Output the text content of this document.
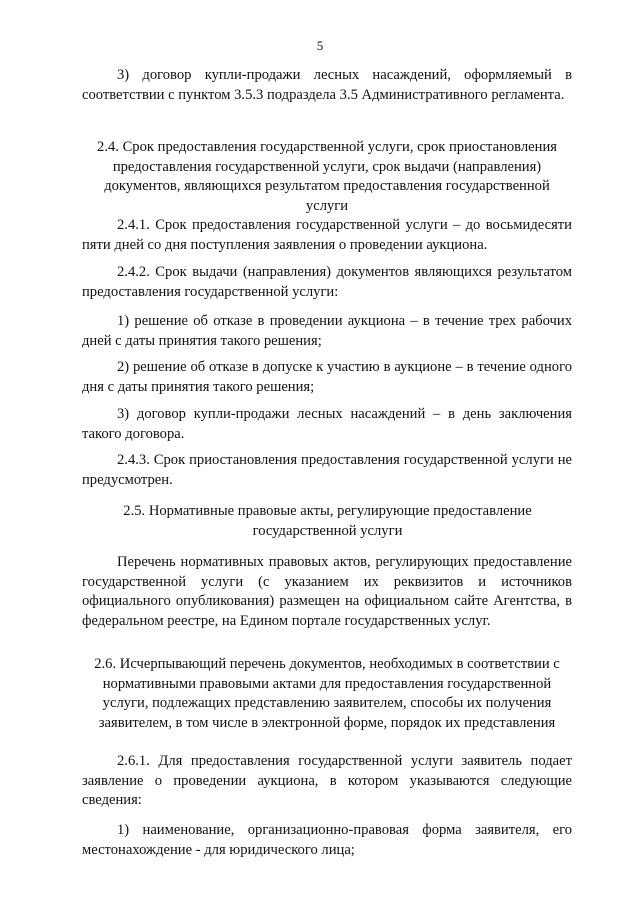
5

3) договор купли-продажи лесных насаждений, оформляемый в соответствии с пунктом 3.5.3 подраздела 3.5 Административного регламента.

2.4. Срок предоставления государственной услуги, срок приостановления предоставления государственной услуги, срок выдачи (направления) документов, являющихся результатом предоставления государственной услуги

2.4.1. Срок предоставления государственной услуги – до восьмидесяти пяти дней со дня поступления заявления о проведении аукциона.

2.4.2. Срок выдачи (направления) документов являющихся результатом предоставления государственной услуги:

1) решение об отказе в проведении аукциона – в течение трех рабочих дней с даты принятия такого решения;

2) решение об отказе в допуске к участию в аукционе – в течение одного дня с даты принятия такого решения;

3) договор купли-продажи лесных насаждений – в день заключения такого договора.

2.4.3. Срок приостановления предоставления государственной услуги не предусмотрен.

2.5. Нормативные правовые акты, регулирующие предоставление государственной услуги

Перечень нормативных правовых актов, регулирующих предоставление государственной услуги (с указанием их реквизитов и источников официального опубликования) размещен на официальном сайте Агентства, в федеральном реестре, на Едином портале государственных услуг.

2.6. Исчерпывающий перечень документов, необходимых в соответствии с нормативными правовыми актами для предоставления государственной услуги, подлежащих представлению заявителем, способы их получения заявителем, в том числе в электронной форме, порядок их представления

2.6.1. Для предоставления государственной услуги заявитель подает заявление о проведении аукциона, в котором указываются следующие сведения:

1) наименование, организационно-правовая форма заявителя, его местонахождение - для юридического лица;
